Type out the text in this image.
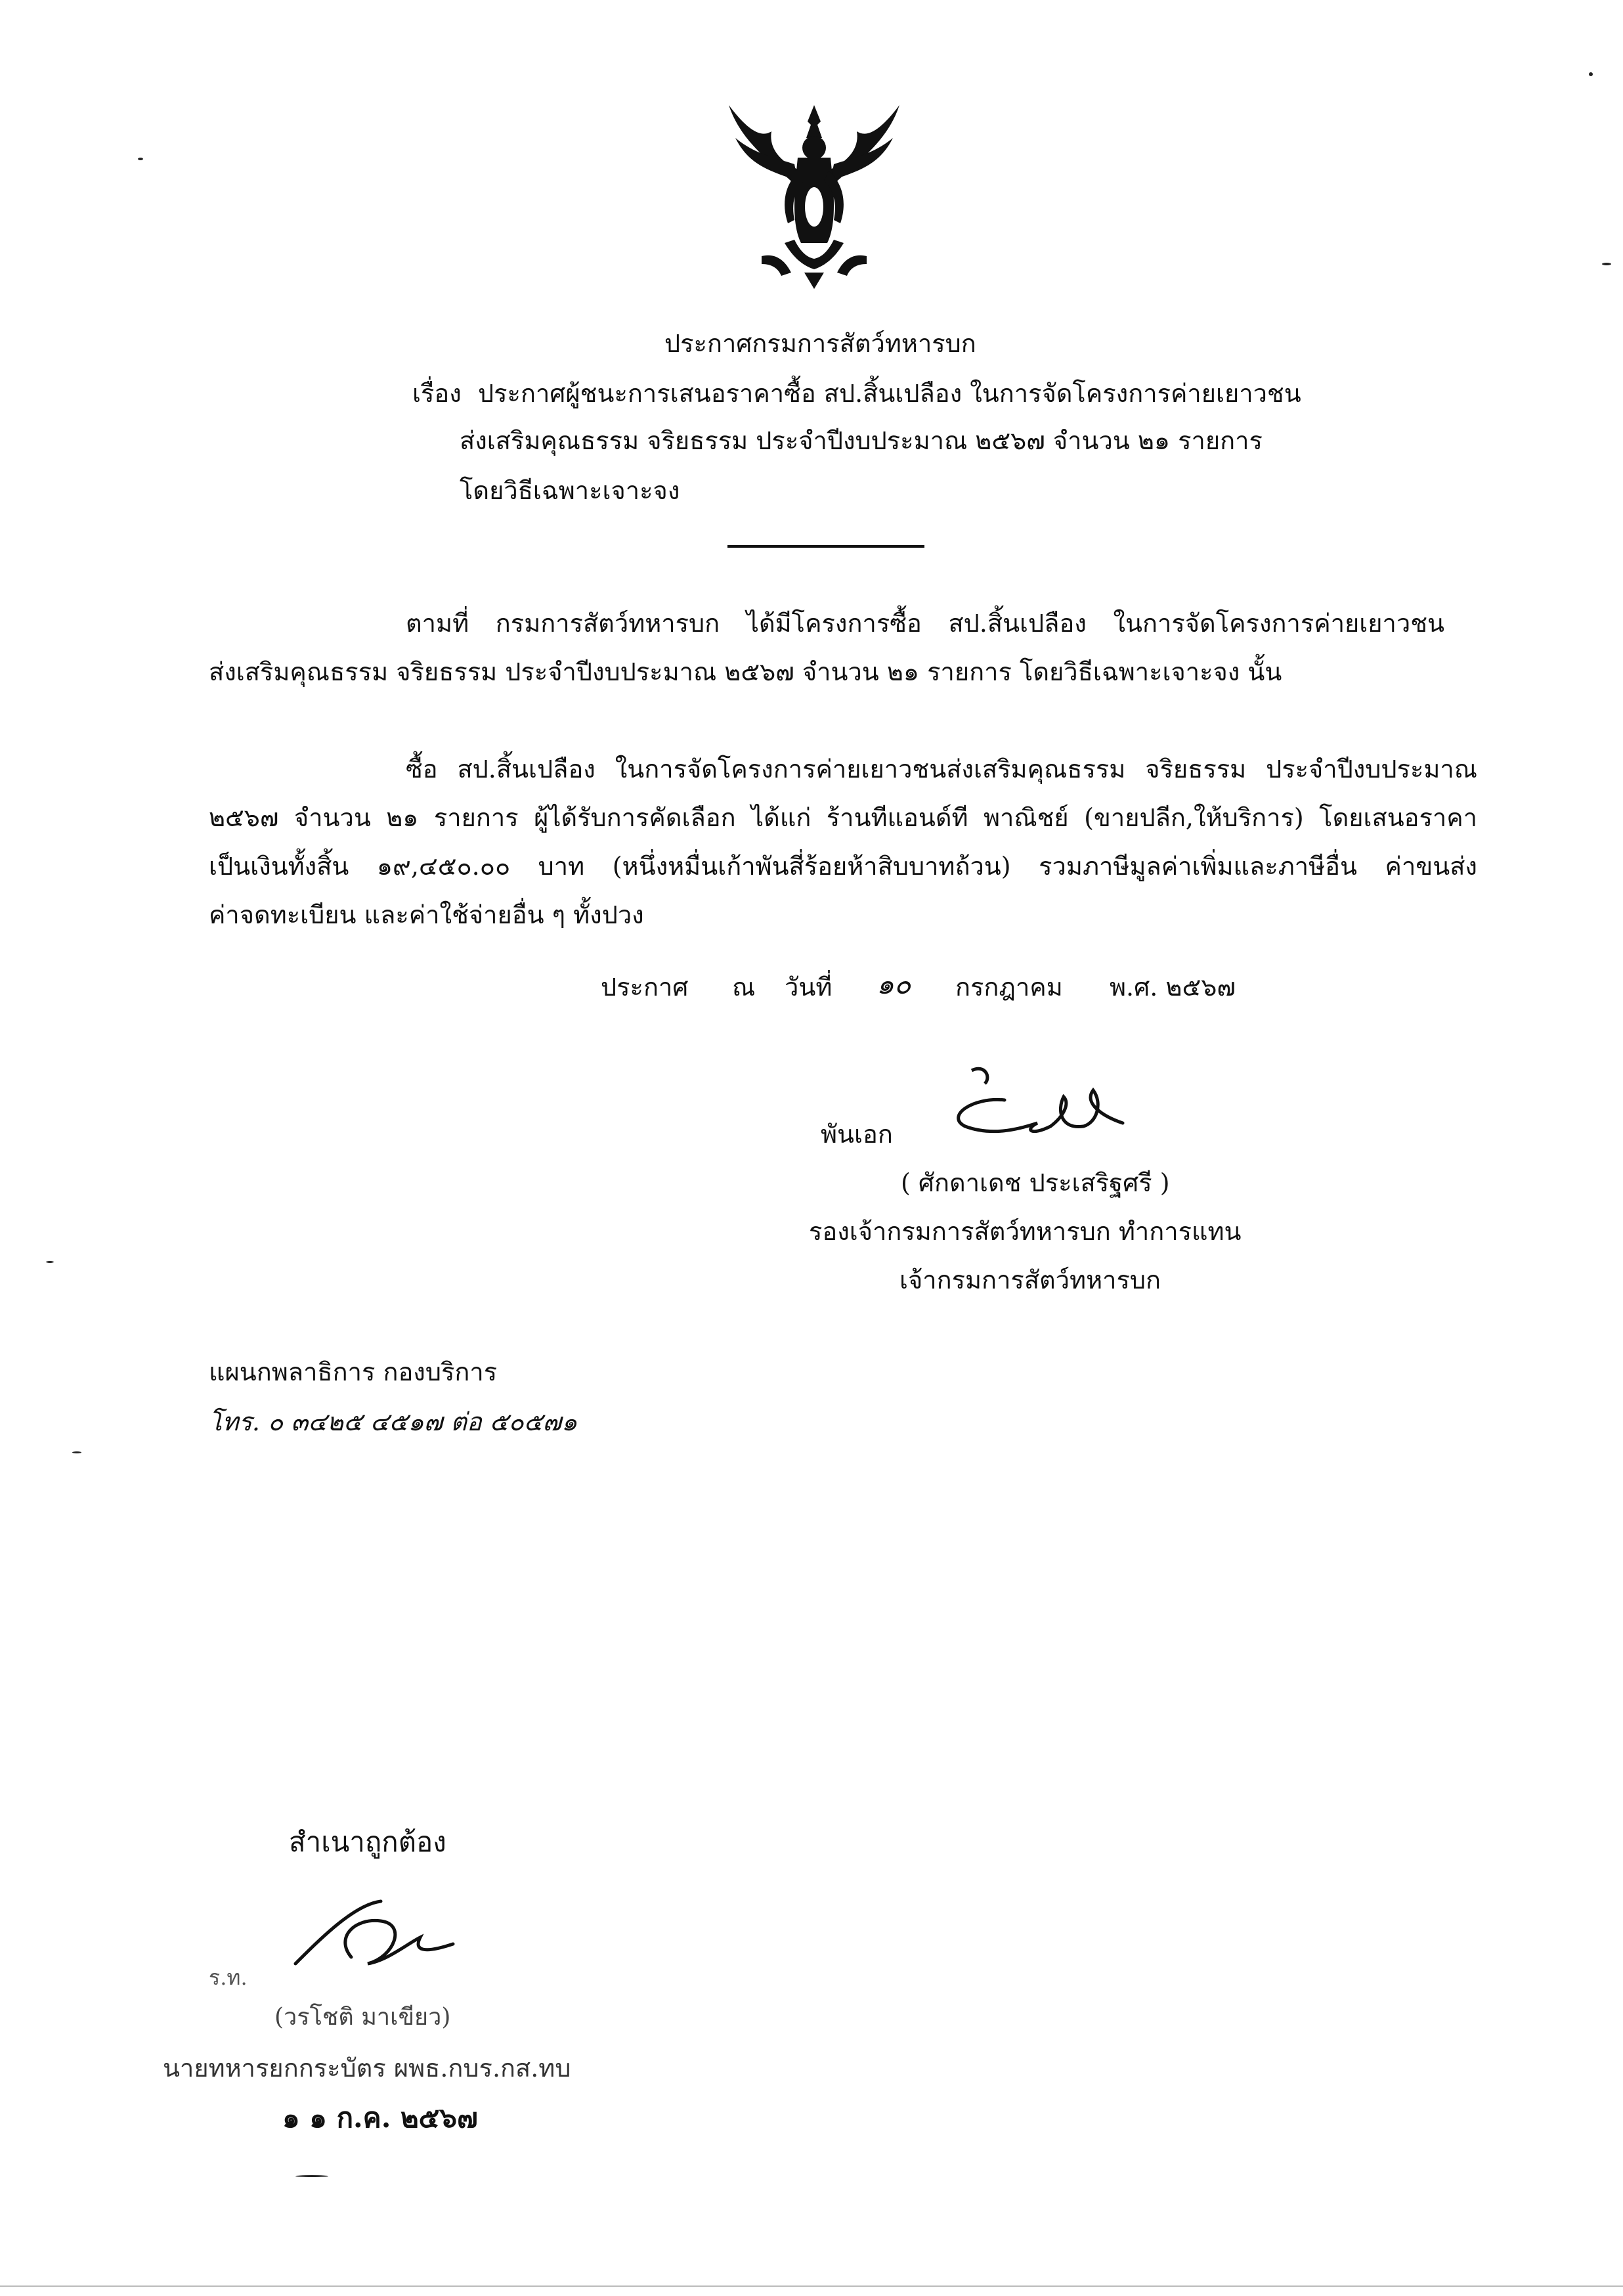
ประกาศกรมการสัตว์ทหารบก
เรื่อง ประกาศผู้ชนะการเสนอราคาซื้อ สป.สิ้นเปลือง ในการจัดโครงการค่ายเยาวชน
ส่งเสริมคุณธรรม จริยธรรม ประจำปีงบประมาณ ๒๕๖๗ จำนวน ๒๑ รายการ
โดยวิธีเฉพาะเจาะจง
ตามที่ กรมการสัตว์ทหารบก ได้มีโครงการซื้อ สป.สิ้นเปลือง ในการจัดโครงการค่ายเยาวชน
ส่งเสริมคุณธรรม จริยธรรม ประจำปีงบประมาณ ๒๕๖๗ จำนวน ๒๑ รายการ โดยวิธีเฉพาะเจาะจง นั้น
ซื้อ สป.สิ้นเปลือง ในการจัดโครงการค่ายเยาวชนส่งเสริมคุณธรรม จริยธรรม ประจำปีงบประมาณ
๒๕๖๗ จำนวน ๒๑ รายการ ผู้ได้รับการคัดเลือก ได้แก่ ร้านทีแอนด์ที พาณิชย์ (ขายปลีก,ให้บริการ) โดยเสนอราคา
เป็นเงินทั้งสิ้น ๑๙,๔๕๐.๐๐ บาท (หนึ่งหมื่นเก้าพันสี่ร้อยห้าสิบบาทถ้วน) รวมภาษีมูลค่าเพิ่มและภาษีอื่น ค่าขนส่ง
ค่าจดทะเบียน และค่าใช้จ่ายอื่น ๆ ทั้งปวง
ประกาศ ณ วันที่ ๑๐ กรกฎาคม พ.ศ. ๒๕๖๗
พันเอก
( ศักดาเดช ประเสริฐศรี )
รองเจ้ากรมการสัตว์ทหารบก ทำการแทน
เจ้ากรมการสัตว์ทหารบก
แผนกพลาธิการ กองบริการ
โทร. ๐ ๓๔๒๕ ๔๕๑๗ ต่อ ๕๐๕๗๑
สำเนาถูกต้อง
ร.ท.
(วรโชติ มาเขียว)
นายทหารยกกระบัตร ผพธ.กบร.กส.ทบ
๑ ๑ ก.ค. ๒๕๖๗
